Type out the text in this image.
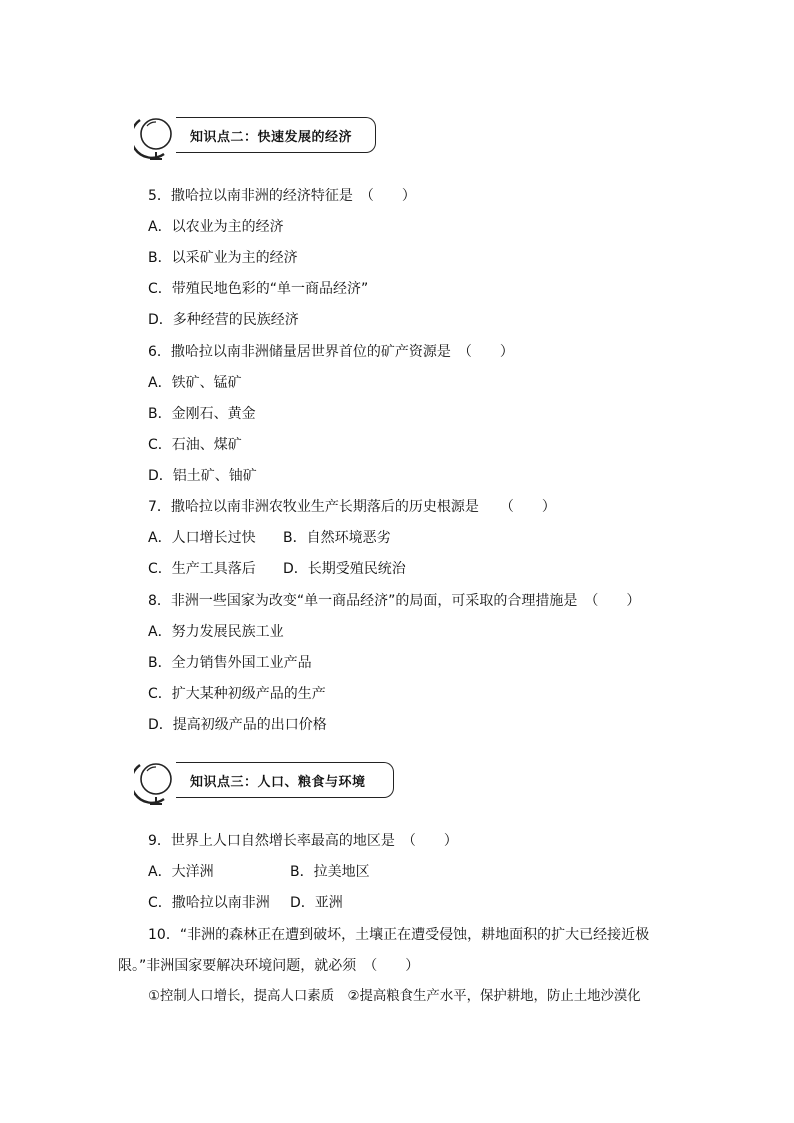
知识点二：快速发展的经济

5．撒哈拉以南非洲的经济特征是　（　　）

A．以农业为主的经济

B．以采矿业为主的经济

C．带殖民地色彩的“单一商品经济”

D．多种经营的民族经济

6．撒哈拉以南非洲储量居世界首位的矿产资源是　（　　）

A．铁矿、锰矿

B．金刚石、黄金

C．石油、煤矿

D．铝土矿、铀矿

7．撒哈拉以南非洲农牧业生产长期落后的历史根源是　　（　　）

A．人口增长过快 B．自然环境恶劣

C．生产工具落后 D．长期受殖民统治

8．非洲一些国家为改变“单一商品经济”的局面，可采取的合理措施是　（　　）

A．努力发展民族工业

B．全力销售外国工业产品

C．扩大某种初级产品的生产

D．提高初级产品的出口价格

知识点三：人口、粮食与环境

9．世界上人口自然增长率最高的地区是　（　　）

A．大洋洲	B．拉美地区

C．撒哈拉以南非洲 D．亚洲

10．“非洲的森林正在遭到破坏，土壤正在遭受侵蚀，耕地面积的扩大已经接近极

限。”非洲国家要解决环境问题，就必须　（　　）

①控制人口增长，提高人口素质　②提高粮食生产水平，保护耕地，防止土地沙漠化
